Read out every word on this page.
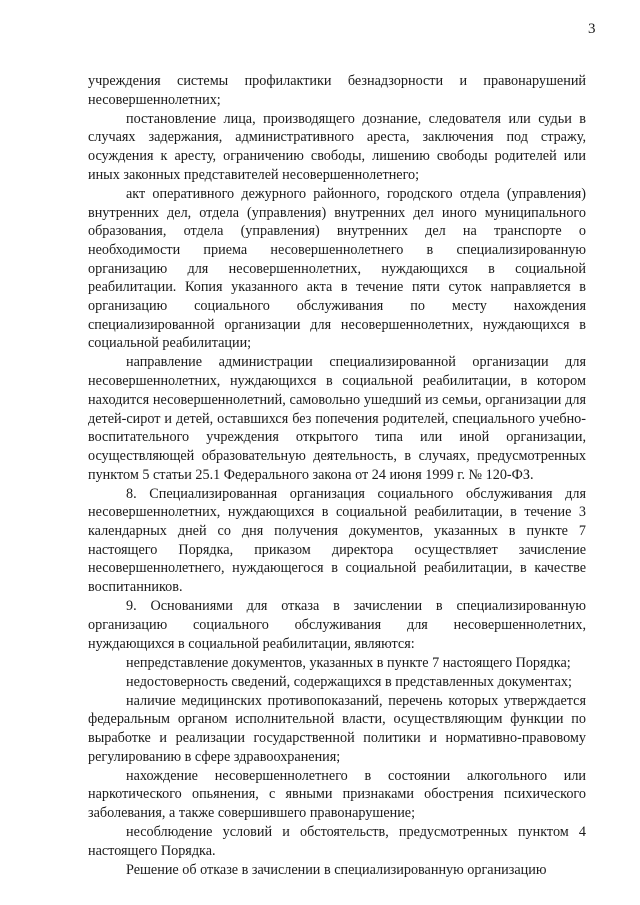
3

учреждения системы профилактики безнадзорности и правонарушений несовершеннолетних;

постановление лица, производящего дознание, следователя или судьи в случаях задержания, административного ареста, заключения под стражу, осуждения к аресту, ограничению свободы, лишению свободы родителей или иных законных представителей несовершеннолетнего;

акт оперативного дежурного районного, городского отдела (управления) внутренних дел, отдела (управления) внутренних дел иного муниципального образования, отдела (управления) внутренних дел на транспорте о необходимости приема несовершеннолетнего в специализированную организацию для несовершеннолетних, нуждающихся в социальной реабилитации. Копия указанного акта в течение пяти суток направляется в организацию социального обслуживания по месту нахождения специализированной организации для несовершеннолетних, нуждающихся в социальной реабилитации;

направление администрации специализированной организации для несовершеннолетних, нуждающихся в социальной реабилитации, в котором находится несовершеннолетний, самовольно ушедший из семьи, организации для детей-сирот и детей, оставшихся без попечения родителей, специального учебно-воспитательного учреждения открытого типа или иной организации, осуществляющей образовательную деятельность, в случаях, предусмотренных пунктом 5 статьи 25.1 Федерального закона от 24 июня 1999 г. № 120-ФЗ.

8. Специализированная организация социального обслуживания для несовершеннолетних, нуждающихся в социальной реабилитации, в течение 3 календарных дней со дня получения документов, указанных в пункте 7 настоящего Порядка, приказом директора осуществляет зачисление несовершеннолетнего, нуждающегося в социальной реабилитации, в качестве воспитанников.

9. Основаниями для отказа в зачислении в специализированную организацию социального обслуживания для несовершеннолетних, нуждающихся в социальной реабилитации, являются:

непредставление документов, указанных в пункте 7 настоящего Порядка;

недостоверность сведений, содержащихся в представленных документах;

наличие медицинских противопоказаний, перечень которых утверждается федеральным органом исполнительной власти, осуществляющим функции по выработке и реализации государственной политики и нормативно-правовому регулированию в сфере здравоохранения;

нахождение несовершеннолетнего в состоянии алкогольного или наркотического опьянения, с явными признаками обострения психического заболевания, а также совершившего правонарушение;

несоблюдение условий и обстоятельств, предусмотренных пунктом 4 настоящего Порядка.

Решение об отказе в зачислении в специализированную организацию
